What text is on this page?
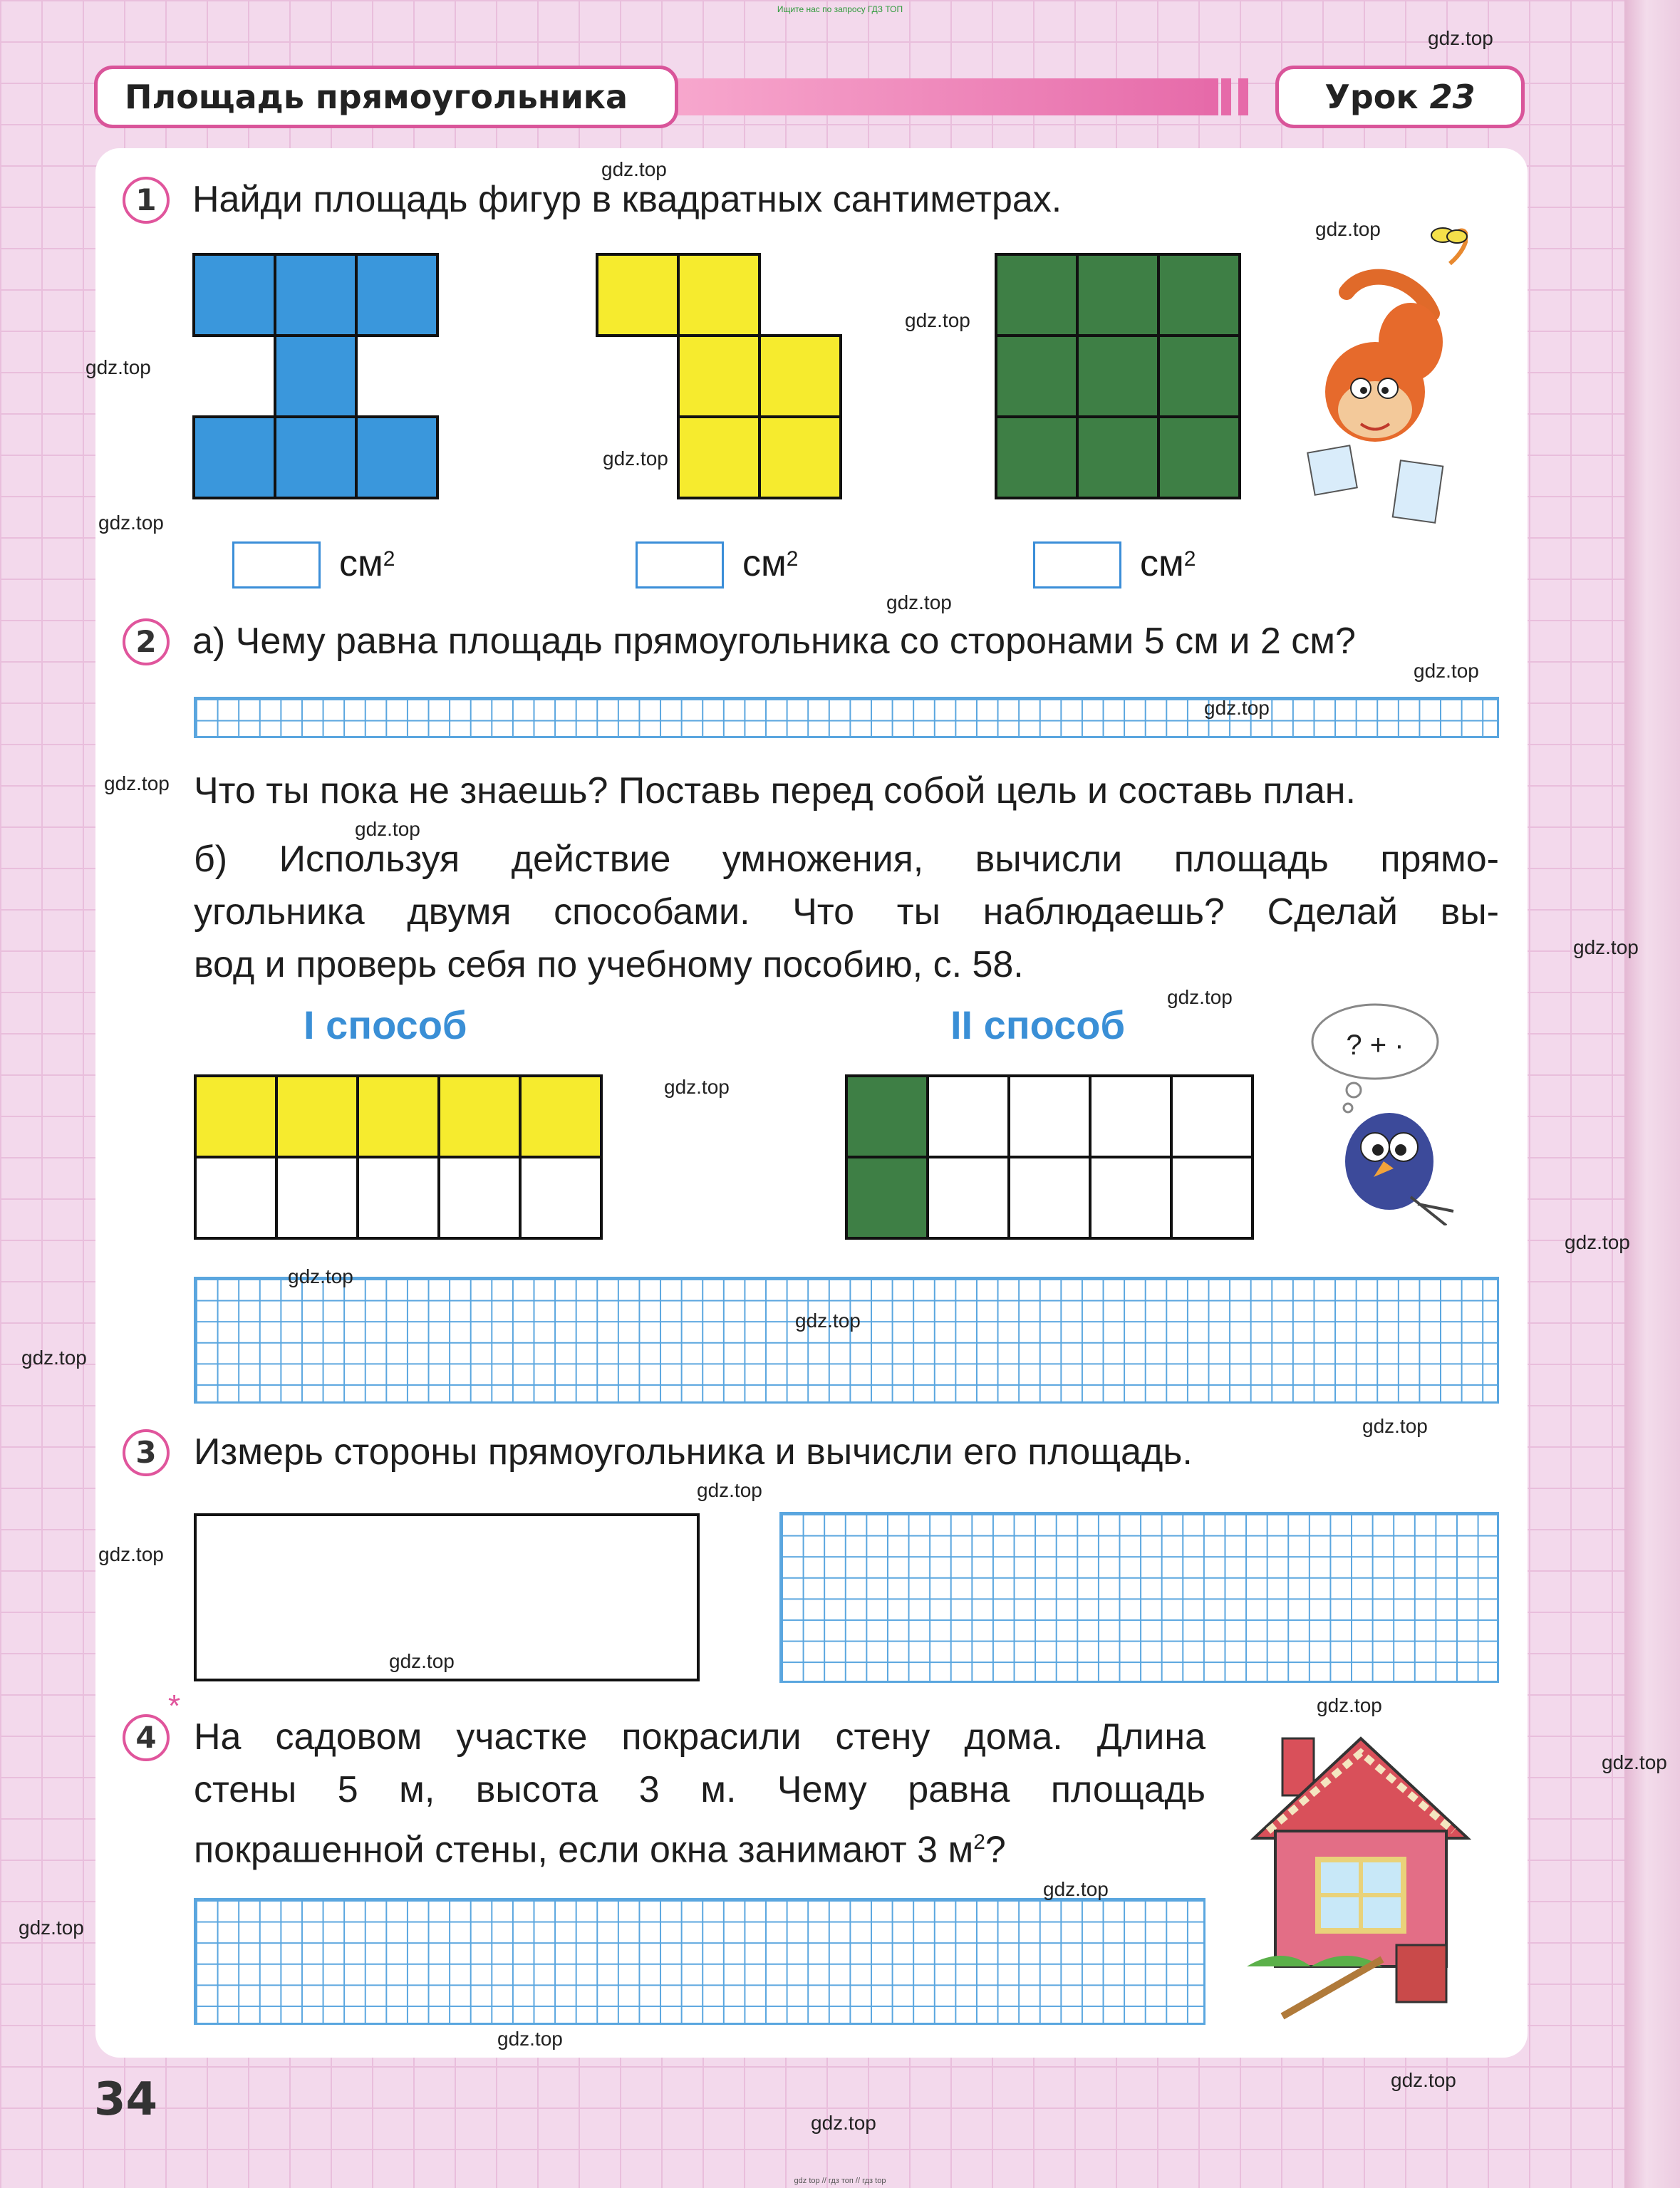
Ищите нас по запросу ГДЗ ТОП
Площадь прямоугольника	Урок 23
1 Найди площадь фигур в квадратных сантиметрах.
$см^2$	$см^2$	$см^2$
2 а) Чему равна площадь прямоугольника со сторонами 5 см и 2 см?
Что ты пока не знаешь? Поставь перед собой цель и составь план.
б) Используя действие умножения, вычисли площадь прямо-
угольника двумя способами. Что ты наблюдаешь? Сделай вы-
вод и проверь себя по учебному пособию, с. 58.
I способ	II способ	? + ·
3	Измерь стороны прямоугольника и вычисли его площадь.
*
4	На садовом участке покрасили стену дома. Длина
стены 5 м, высота 3 м. Чему равна площадь
покрашенной стены, если окна занимают 3 $м^2$?
34
gdz.top
gdz.top
gdz.top
gdz.top
gdz.top
gdz.top
gdz.top
gdz.top
gdz.top
gdz.top
gdz.top
gdz.top
gdz.top
gdz.top
gdz.top
gdz.top
gdz.top
gdz.top
gdz.top
gdz.top
gdz.top
gdz.top
gdz.top
gdz.top
gdz.top
gdz.top
gdz.top
gdz.top
gdz.top
gdz.top
gdz top // гдз топ // гдз top
